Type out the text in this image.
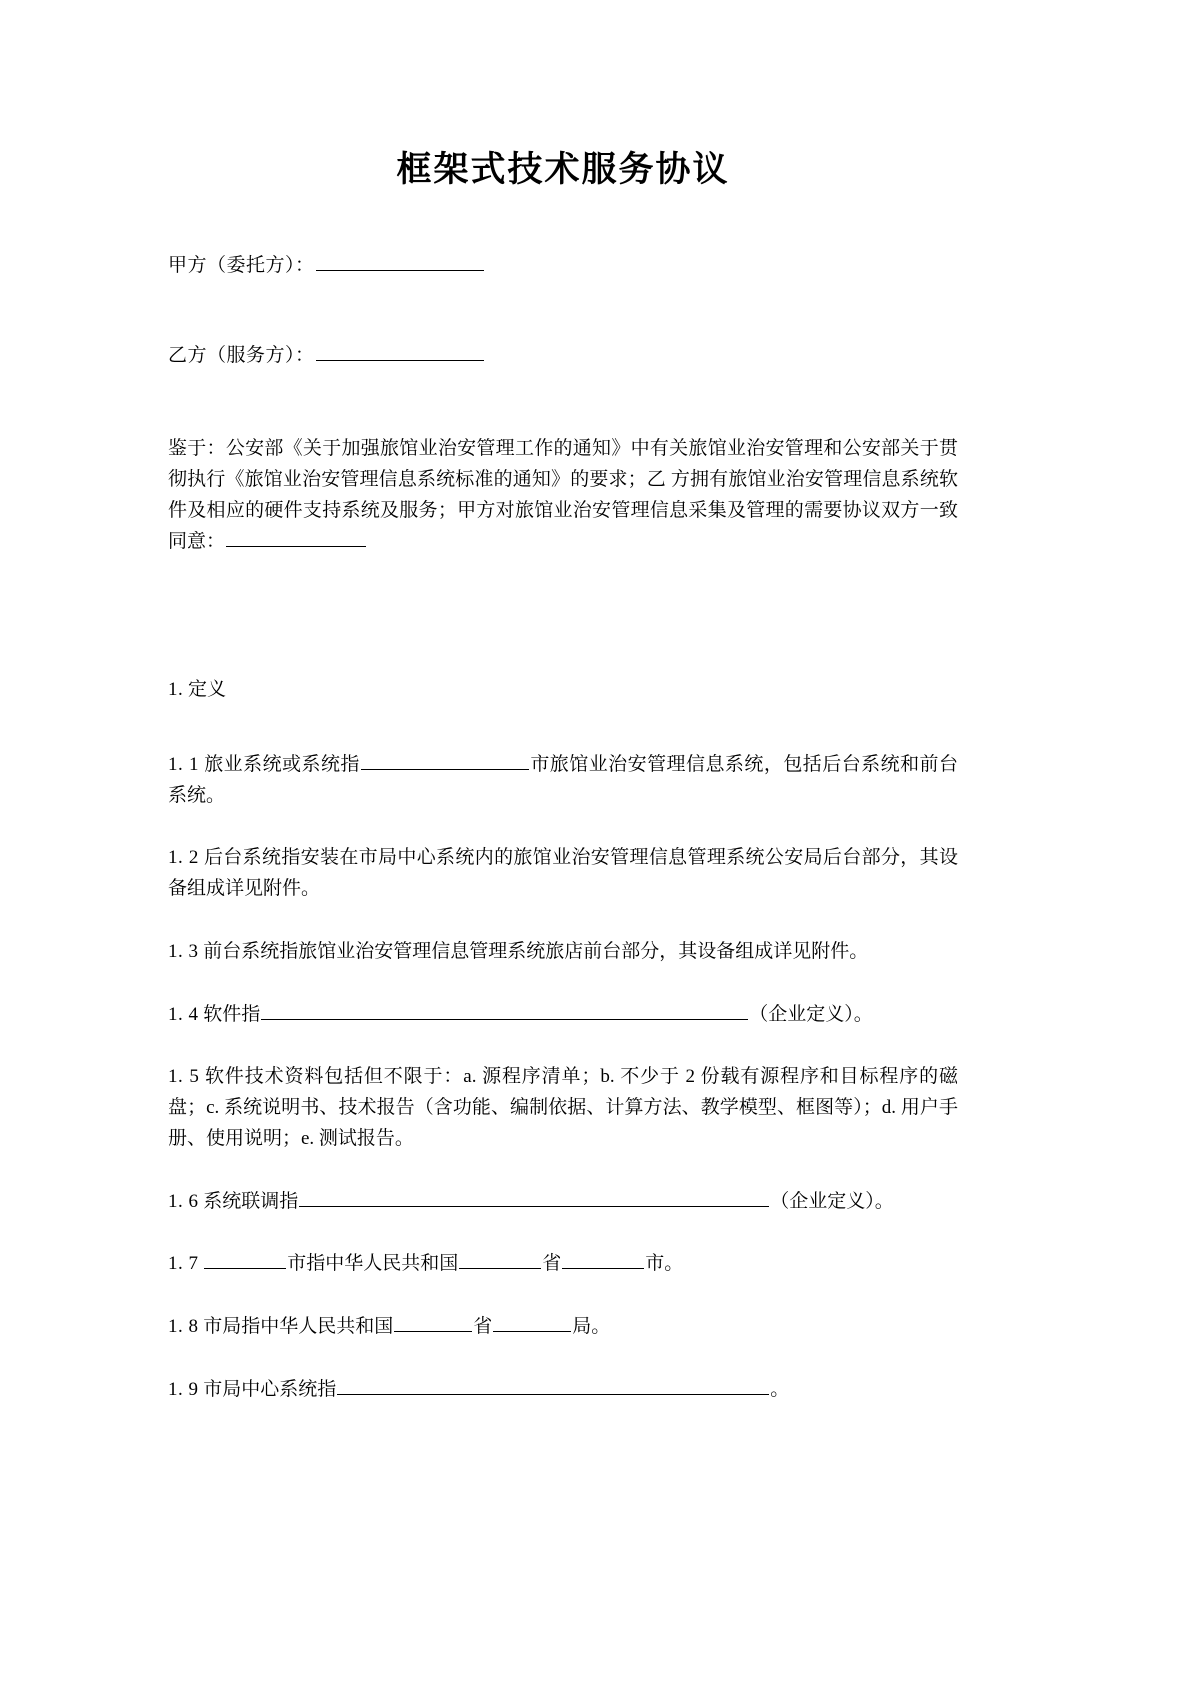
框架式技术服务协议
甲方（委托方）：
乙方（服务方）：

鉴于：公安部《关于加强旅馆业治安管理工作的通知》中有关旅馆业治安管理和公安部关于贯彻执行《旅馆业治安管理信息系统标准的通知》的要求；乙 方拥有旅馆业治安管理信息系统软件及相应的硬件支持系统及服务；甲方对旅馆业治安管理信息采集及管理的需要协议双方一致同意：

1. 定义

1. 1 旅业系统或系统指	市旅馆业治安管理信息系统，包括后台系统和前台系统。

1. 2 后台系统指安装在市局中心系统内的旅馆业治安管理信息管理系统公安局后台部分，其设备组成详见附件。

1. 3 前台系统指旅馆业治安管理信息管理系统旅店前台部分，其设备组成详见附件。

1. 4 软件指	（企业定义）。

1. 5 软件技术资料包括但不限于：a. 源程序清单；b. 不少于 2 份载有源程序和目标程序的磁盘；c. 系统说明书、技术报告（含功能、编制依据、计算方法、教学模型、框图等）；d. 用户手册、使用说明；e. 测试报告。

1. 6 系统联调指	（企业定义）。

1. 7	市指中华人民共和国	省	市。

1. 8 市局指中华人民共和国	省	局。

1. 9 市局中心系统指	。
